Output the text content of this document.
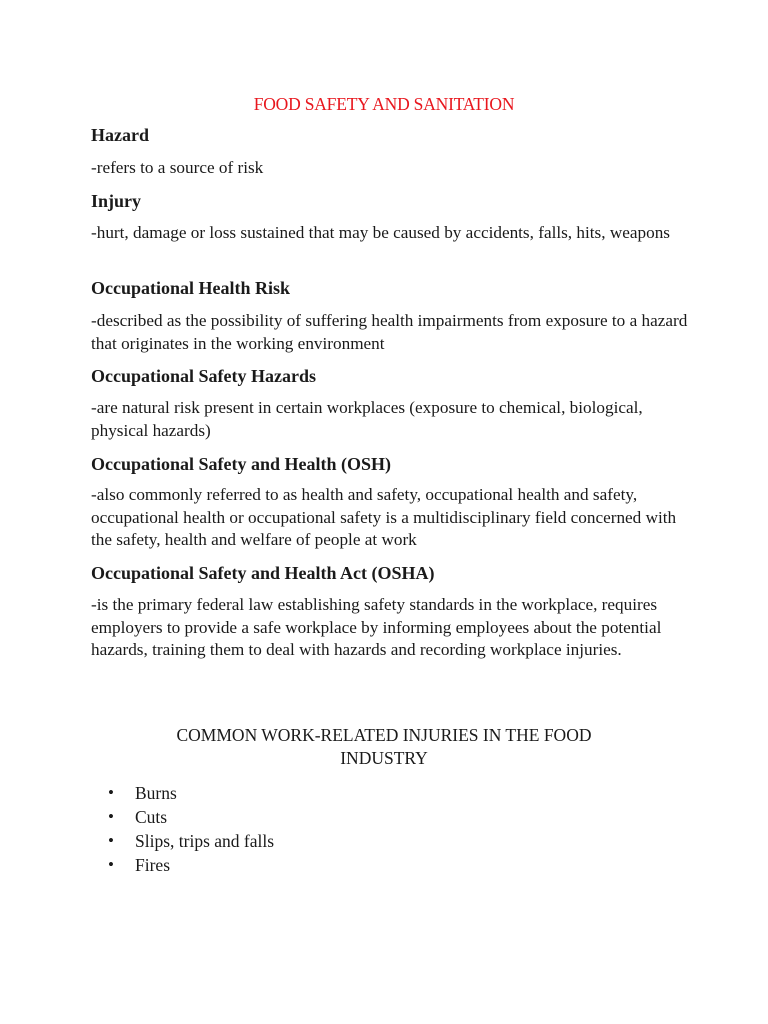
FOOD SAFETY AND SANITATION
Hazard
-refers to a source of risk
Injury
-hurt, damage or loss sustained that may be caused by accidents, falls, hits, weapons
Occupational Health Risk
-described as the possibility of suffering health impairments from exposure to a hazard that originates in the working environment
Occupational Safety Hazards
-are natural risk present in certain workplaces (exposure to chemical, biological, physical hazards)
Occupational Safety and Health (OSH)
-also commonly referred to as health and safety, occupational health and safety, occupational health or occupational safety is a multidisciplinary field concerned with the safety, health and welfare of people at work
Occupational Safety and Health Act (OSHA)
-is the primary federal law establishing safety standards in the workplace, requires employers to provide a safe workplace by informing employees about the potential hazards, training them to deal with hazards and recording workplace injuries.
COMMON WORK-RELATED INJURIES IN THE FOOD INDUSTRY
• Burns
• Cuts
• Slips, trips and falls
• Fires
